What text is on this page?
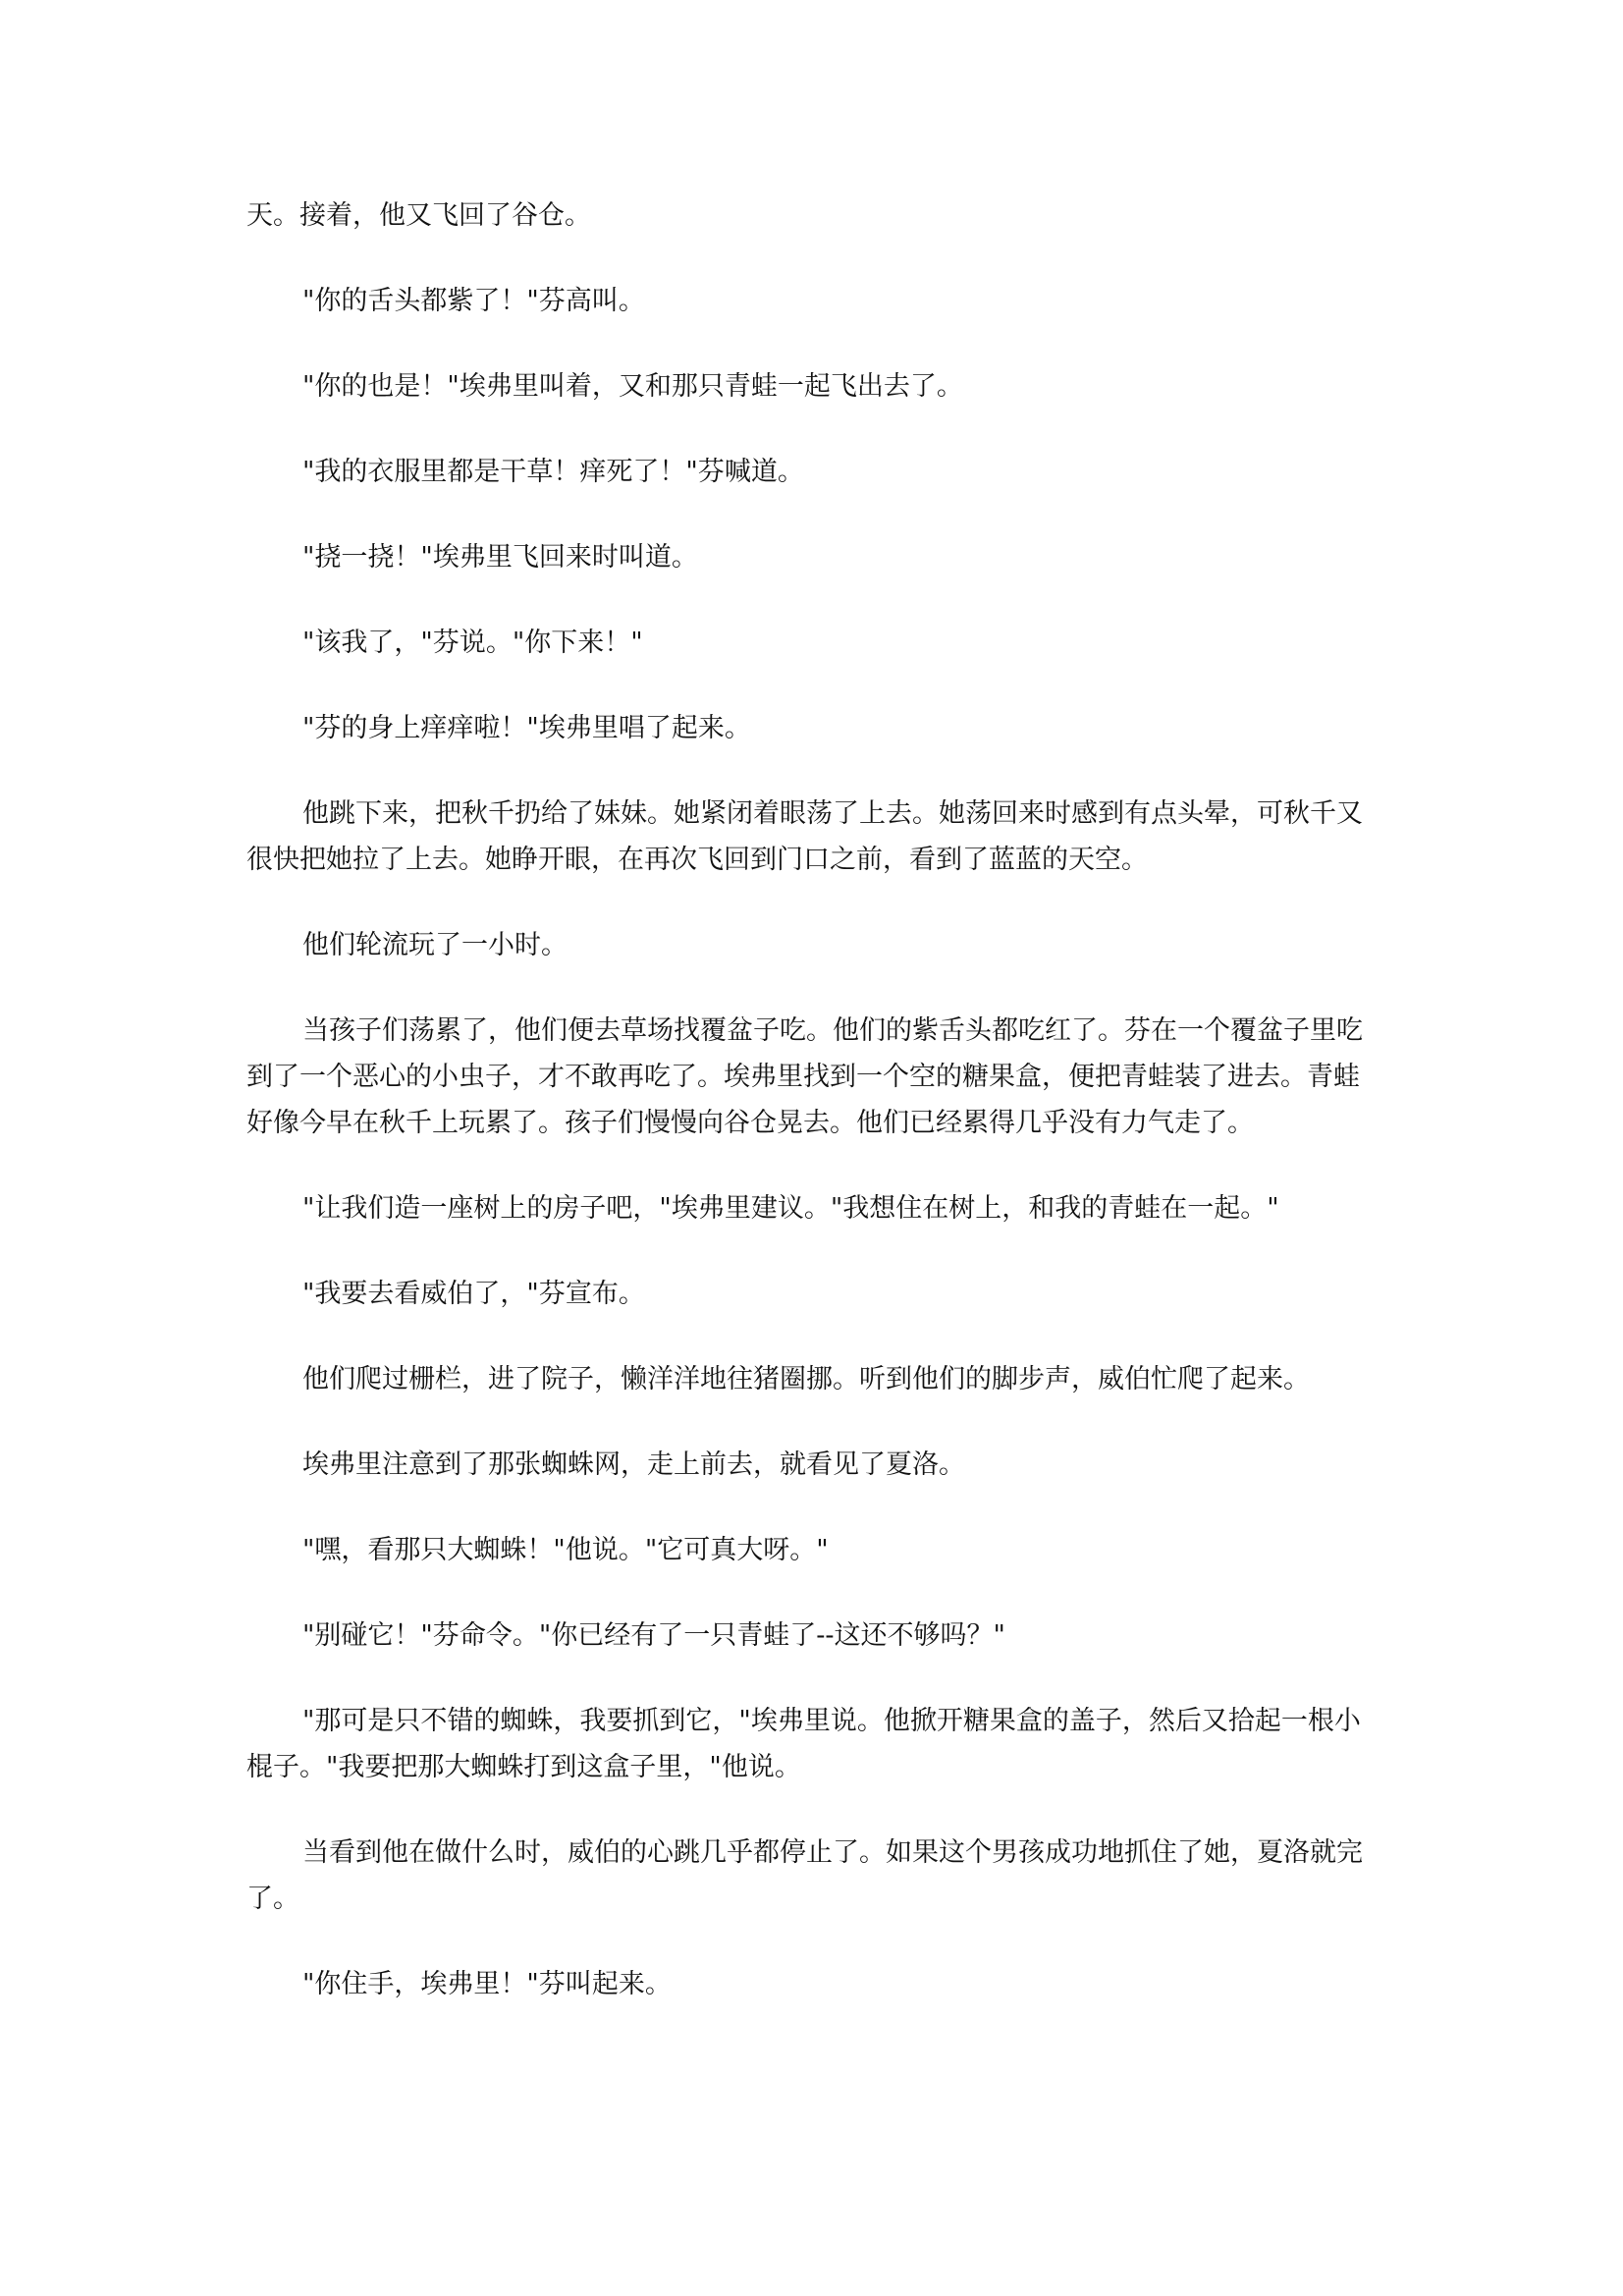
天。接着，他又飞回了谷仓。

"你的舌头都紫了！"芬高叫。

"你的也是！"埃弗里叫着，又和那只青蛙一起飞出去了。

"我的衣服里都是干草！痒死了！"芬喊道。

"挠一挠！"埃弗里飞回来时叫道。

"该我了，"芬说。"你下来！"

"芬的身上痒痒啦！"埃弗里唱了起来。

他跳下来，把秋千扔给了妹妹。她紧闭着眼荡了上去。她荡回来时感到有点头晕，可秋千又很快把她拉了上去。她睁开眼，在再次飞回到门口之前，看到了蓝蓝的天空。

他们轮流玩了一小时。

当孩子们荡累了，他们便去草场找覆盆子吃。他们的紫舌头都吃红了。芬在一个覆盆子里吃到了一个恶心的小虫子，才不敢再吃了。埃弗里找到一个空的糖果盒，便把青蛙装了进去。青蛙好像今早在秋千上玩累了。孩子们慢慢向谷仓晃去。他们已经累得几乎没有力气走了。

"让我们造一座树上的房子吧，"埃弗里建议。"我想住在树上，和我的青蛙在一起。"

"我要去看威伯了，"芬宣布。

他们爬过栅栏，进了院子，懒洋洋地往猪圈挪。听到他们的脚步声，威伯忙爬了起来。

埃弗里注意到了那张蜘蛛网，走上前去，就看见了夏洛。

"嘿，看那只大蜘蛛！"他说。"它可真大呀。"

"别碰它！"芬命令。"你已经有了一只青蛙了--这还不够吗？"

"那可是只不错的蜘蛛，我要抓到它，"埃弗里说。他掀开糖果盒的盖子，然后又拾起一根小棍子。"我要把那大蜘蛛打到这盒子里，"他说。

当看到他在做什么时，威伯的心跳几乎都停止了。如果这个男孩成功地抓住了她，夏洛就完了。

"你住手，埃弗里！"芬叫起来。
